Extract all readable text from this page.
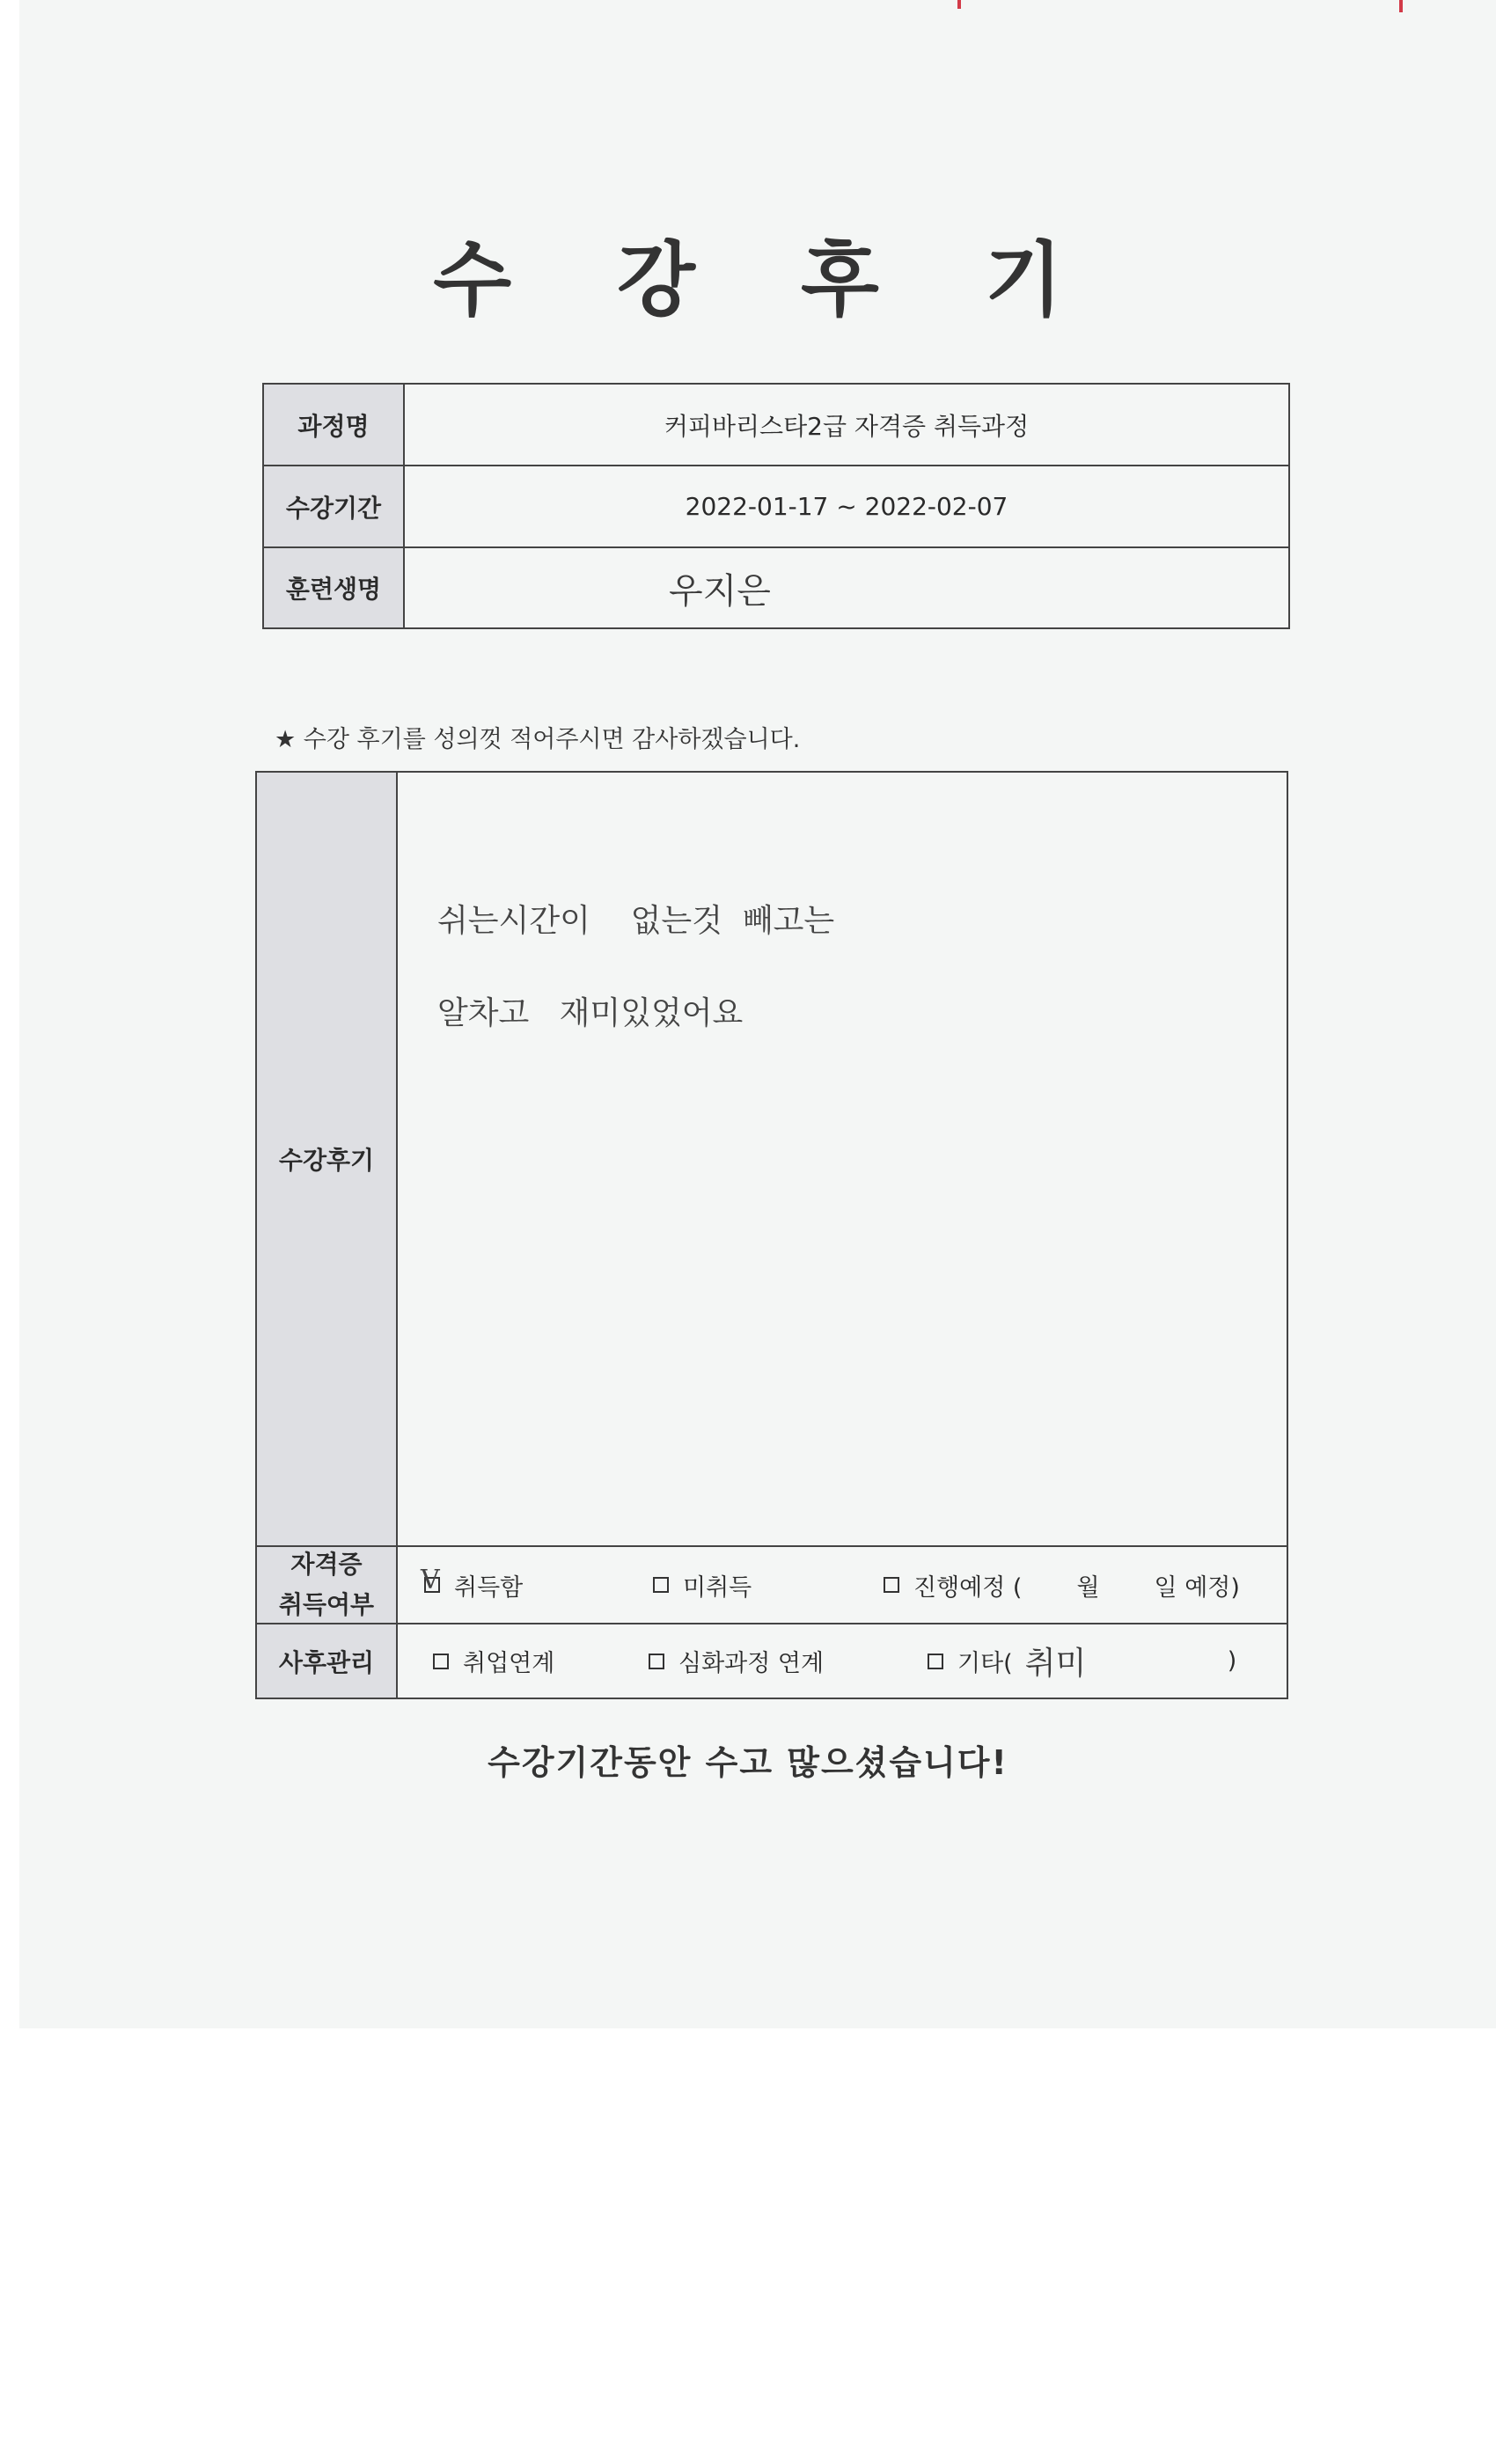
수 강 후 기
과정명	커피바리스타2급 자격증 취득과정
수강기간	2022-01-17 ~ 2022-02-07
훈련생명	우지은
★ 수강 후기를 성의껏 적어주시면 감사하겠습니다.
수강후기
쉬는시간이    없는것  빼고는
알차고   재미있었어요
자격증
취득여부
V 취득함	미취득	진행예정 ( 월 일 예정)
사후관리	취업연계	심화과정 연계	기타( 취미	)
수강기간동안 수고 많으셨습니다!
